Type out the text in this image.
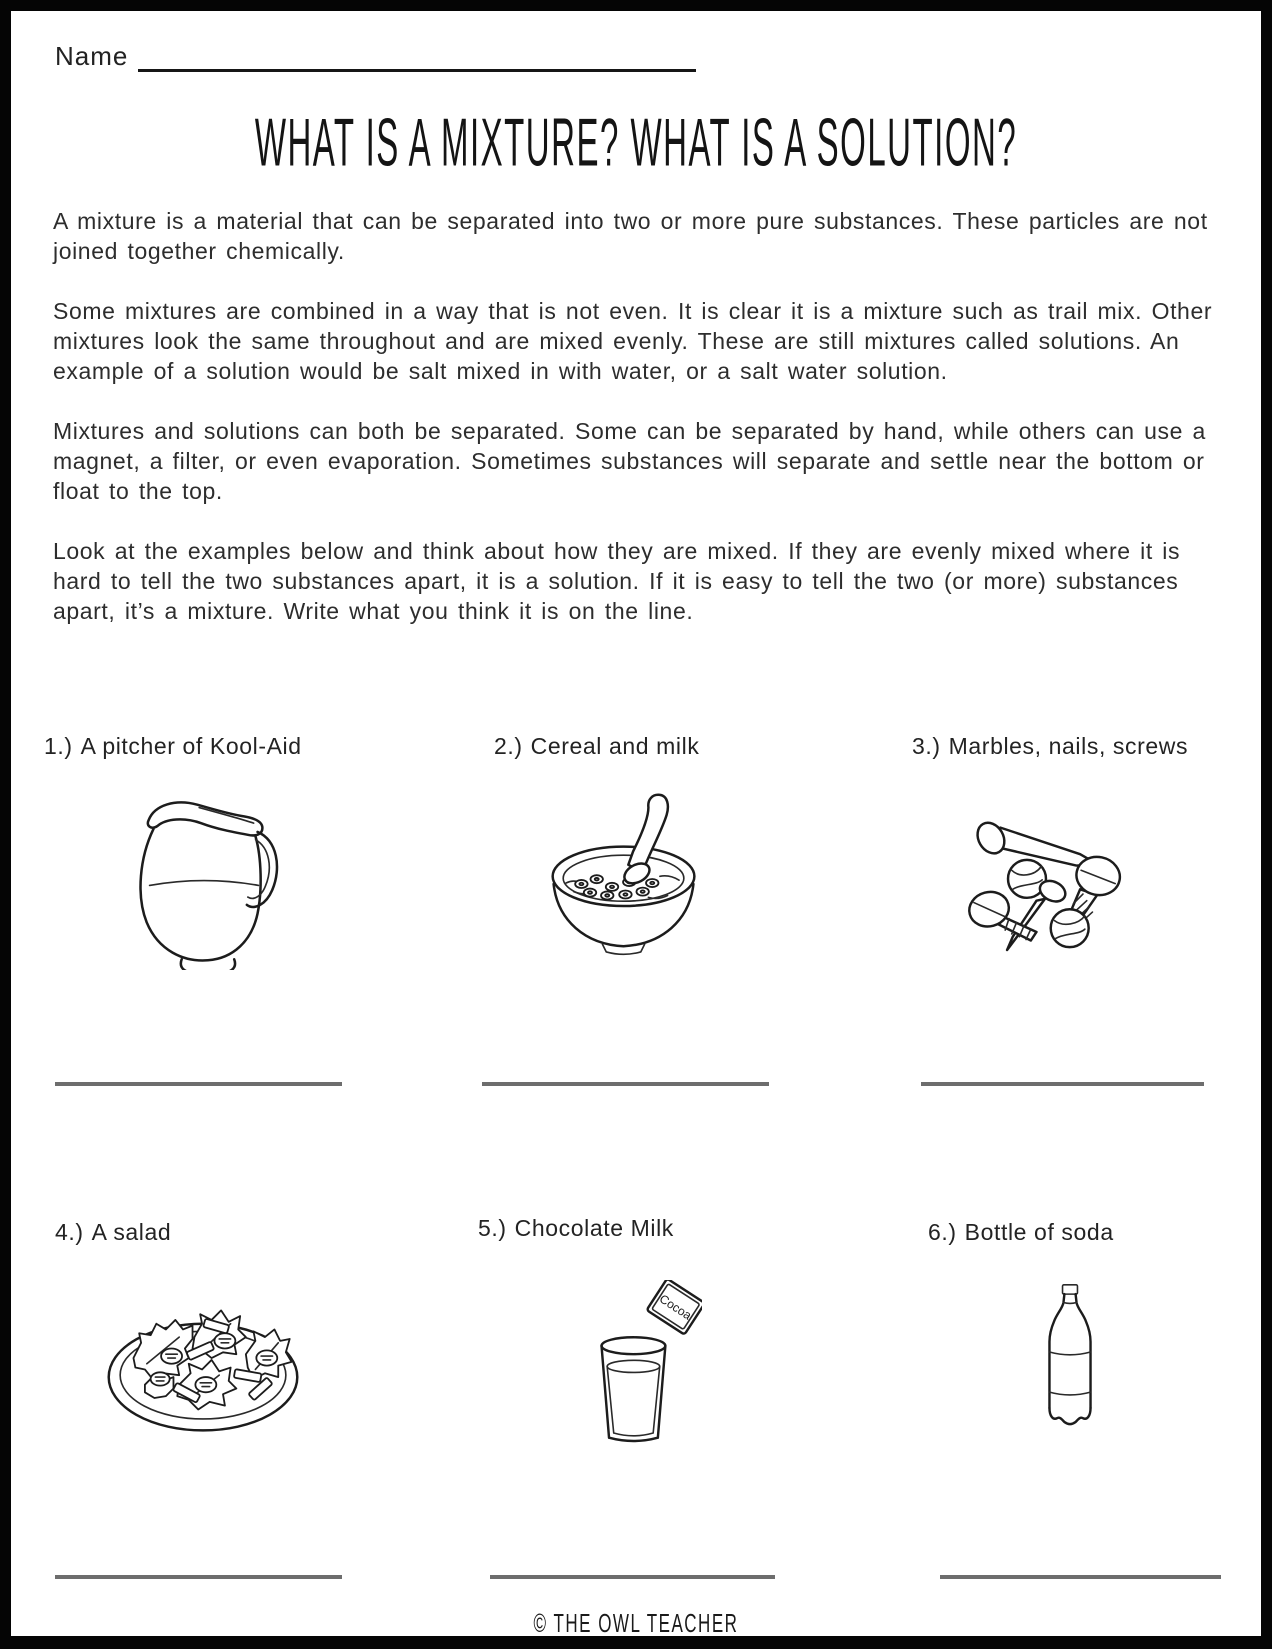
Name
WHAT IS A MIXTURE? WHAT IS A SOLUTION?

A mixture is a material that can be separated into two or more pure substances. These particles are not joined together chemically.

Some mixtures are combined in a way that is not even. It is clear it is a mixture such as trail mix. Other mixtures look the same throughout and are mixed evenly. These are still mixtures called solutions. An example of a solution would be salt mixed in with water, or a salt water solution.

Mixtures and solutions can both be separated. Some can be separated by hand, while others can use a magnet, a filter, or even evaporation. Sometimes substances will separate and settle near the bottom or float to the top.

Look at the examples below and think about how they are mixed. If they are evenly mixed where it is hard to tell the two substances apart, it is a solution. If it is easy to tell the two (or more) substances apart, it’s a mixture. Write what you think it is on the line.

1.) A pitcher of Kool-Aid	2.) Cereal and milk	3.) Marbles, nails, screws
4.) A salad	5.) Chocolate Milk	6.) Bottle of soda
Cocoa
© THE OWL TEACHER
